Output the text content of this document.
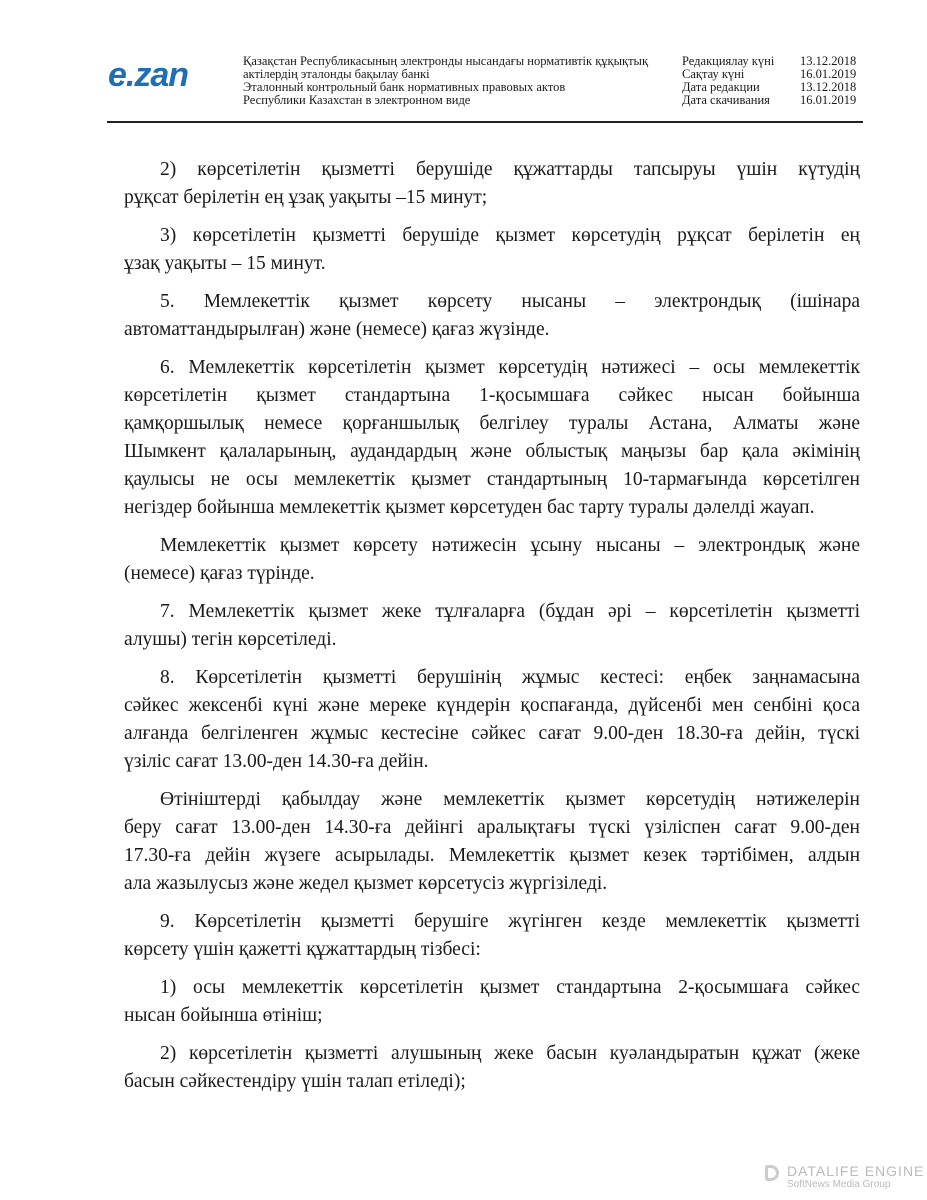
e.zan	Қазақстан Республикасының электронды нысандағы нормативтік құқықтық
актілердің эталонды бақылау банкі
Эталонный контрольный банк нормативных правовых актов
Республики Казахстан в электронном виде
Редакциялау күні	13.12.2018
Сақтау күні	16.01.2019
Дата редакции	13.12.2018
Дата скачивания	16.01.2019
2) көрсетілетін қызметті берушіде құжаттарды тапсыруы үшін күтудің
рұқсат берілетін ең ұзақ уақыты –15 минут;
3) көрсетілетін қызметті берушіде қызмет көрсетудің рұқсат берілетін ең
ұзақ уақыты – 15 минут.
5. Мемлекеттік қызмет көрсету нысаны – электрондық (ішінара
автоматтандырылған) және (немесе) қағаз жүзінде.
6. Мемлекеттік көрсетілетін қызмет көрсетудің нәтижесі – осы мемлекеттік
көрсетілетін қызмет стандартына 1-қосымшаға сәйкес нысан бойынша
қамқоршылық немесе қорғаншылық белгілеу туралы Астана, Алматы және
Шымкент қалаларының, аудандардың және облыстық маңызы бар қала әкімінің
қаулысы не осы мемлекеттік қызмет стандартының 10-тармағында көрсетілген
негіздер бойынша мемлекеттік қызмет көрсетуден бас тарту туралы дәлелді жауап.
Мемлекеттік қызмет көрсету нәтижесін ұсыну нысаны – электрондық және
(немесе) қағаз түрінде.
7. Мемлекеттік қызмет жеке тұлғаларға (бұдан әрі – көрсетілетін қызметті
алушы) тегін көрсетіледі.
8. Көрсетілетін қызметті берушінің жұмыс кестесі: еңбек заңнамасына
сәйкес жексенбі күні және мереке күндерін қоспағанда, дүйсенбі мен сенбіні қоса
алғанда белгіленген жұмыс кестесіне сәйкес сағат 9.00-ден 18.30-ға дейін, түскі
үзіліс сағат 13.00-ден 14.30-ға дейін.
Өтініштерді қабылдау және мемлекеттік қызмет көрсетудің нәтижелерін
беру сағат 13.00-ден 14.30-ға дейінгі аралықтағы түскі үзіліспен сағат 9.00-ден
17.30-ға дейін жүзеге асырылады. Мемлекеттік қызмет кезек тәртібімен, алдын
ала жазылусыз және жедел қызмет көрсетусіз жүргізіледі.
9. Көрсетілетін қызметті берушіге жүгінген кезде мемлекеттік қызметті
көрсету үшін қажетті құжаттардың тізбесі:
1) осы мемлекеттік көрсетілетін қызмет стандартына 2-қосымшаға сәйкес
нысан бойынша өтініш;
2) көрсетілетін қызметті алушының жеке басын куәландыратын құжат (жеке
басын сәйкестендіру үшін талап етіледі);
DATALIFE ENGINE
SoftNews Media Group
